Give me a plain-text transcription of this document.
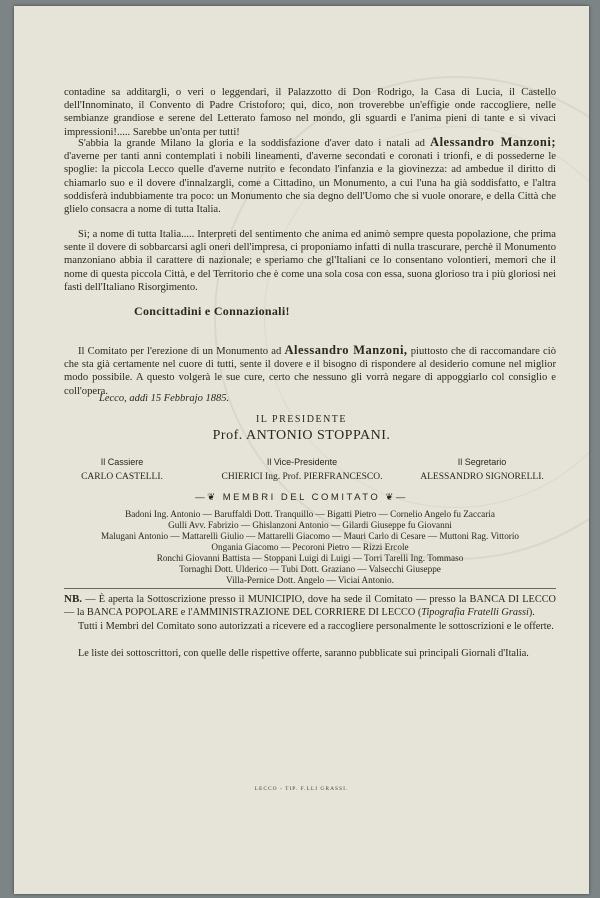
contadine sa additargli, o veri o leggendari, il Palazzotto di Don Rodrigo, la Casa di Lucia, il Castello dell'Innominato, il Convento di Padre Cristoforo; qui, dico, non troverebbe un'effigie onde raccogliere, nelle sembianze grandiose e serene del Letterato famoso nel mondo, gli sguardi e l'anima pieni di tante e sì vivaci impressioni!..... Sarebbe un'onta per tutti!

S'abbia la grande Milano la gloria e la soddisfazione d'aver dato i natali ad Alessandro Manzoni; d'averne per tanti anni contemplati i nobili lineamenti, d'averne secondati e coronati i trionfi, e di possederne le spoglie: la piccola Lecco quelle d'averne nutrito e fecondato l'infanzia e la giovinezza: ad ambedue il diritto di chiamarlo suo e il dovere d'innalzargli, come a Cittadino, un Monumento, a cui l'una ha già soddisfatto, e l'altra soddisferà indubbiamente tra poco: un Monumento che sia degno dell'Uomo che si vuole onorare, e della Città che glielo consacra a nome di tutta Italia.

Sì; a nome di tutta Italia..... Interpreti del sentimento che anima ed animò sempre questa popolazione, che prima sente il dovere di sobbarcarsi agli oneri dell'impresa, ci proponiamo infatti di nulla trascurare, perchè il Monumento manzoniano abbia il carattere di nazionale; e speriamo che gl'Italiani ce lo consentano volontieri, memori che il nome di questa piccola Città, e del Territorio che è come una sola cosa con essa, suona glorioso tra i più gloriosi nei fasti dell'Italiano Risorgimento.

Concittadini e Connazionali!

Il Comitato per l'erezione di un Monumento ad Alessandro Manzoni, piuttosto che di raccomandare ciò che sta già certamente nel cuore di tutti, sente il dovere e il bisogno di rispondere al desiderio comune nel miglior modo possibile. A questo volgerà le sue cure, certo che nessuno gli vorrà negare di appoggiarlo col consiglio e coll'opera.

Lecco, addì 15 Febbrajo 1885.
IL PRESIDENTE
Prof. ANTONIO STOPPANI.
Il Cassiere
CARLO CASTELLI.
Il Vice-Presidente
CHIERICI Ing. Prof. PIERFRANCESCO.
Il Segretario
ALESSANDRO SIGNORELLI.
—❦ MEMBRI DEL COMITATO ❦—

Badoni Ing. Antonio — Baruffaldi Dott. Tranquillo — Bigatti Pietro — Cornelio Angelo fu Zaccaria

Gulli Avv. Fabrizio — Ghislanzoni Antonio — Gilardi Giuseppe fu Giovanni

Malugani Antonio — Mattarelli Giulio — Mattarelli Giacomo — Mauri Carlo di Cesare — Muttoni Rag. Vittorio

Ongania Giacomo — Pecoroni Pietro — Rizzi Ercole

Ronchi Giovanni Battista — Stoppani Luigi di Luigi — Torri Tarelli Ing. Tommaso

Tornaghi Dott. Ulderico — Tubi Dott. Graziano — Valsecchi Giuseppe

Villa-Pernice Dott. Angelo — Viciai Antonio.

NB. — È aperta la Sottoscrizione presso il MUNICIPIO, dove ha sede il Comitato — presso la BANCA DI LECCO — la BANCA POPOLARE e l'AMMINISTRAZIONE DEL CORRIERE DI LECCO (Tipografia Fratelli Grassi).

Tutti i Membri del Comitato sono autorizzati a ricevere ed a raccogliere personalmente le sottoscrizioni e le offerte.

Le liste dei sottoscrittori, con quelle delle rispettive offerte, saranno pubblicate sui principali Giornali d'Italia.

LECCO - TIP. F.LLI GRASSI.
